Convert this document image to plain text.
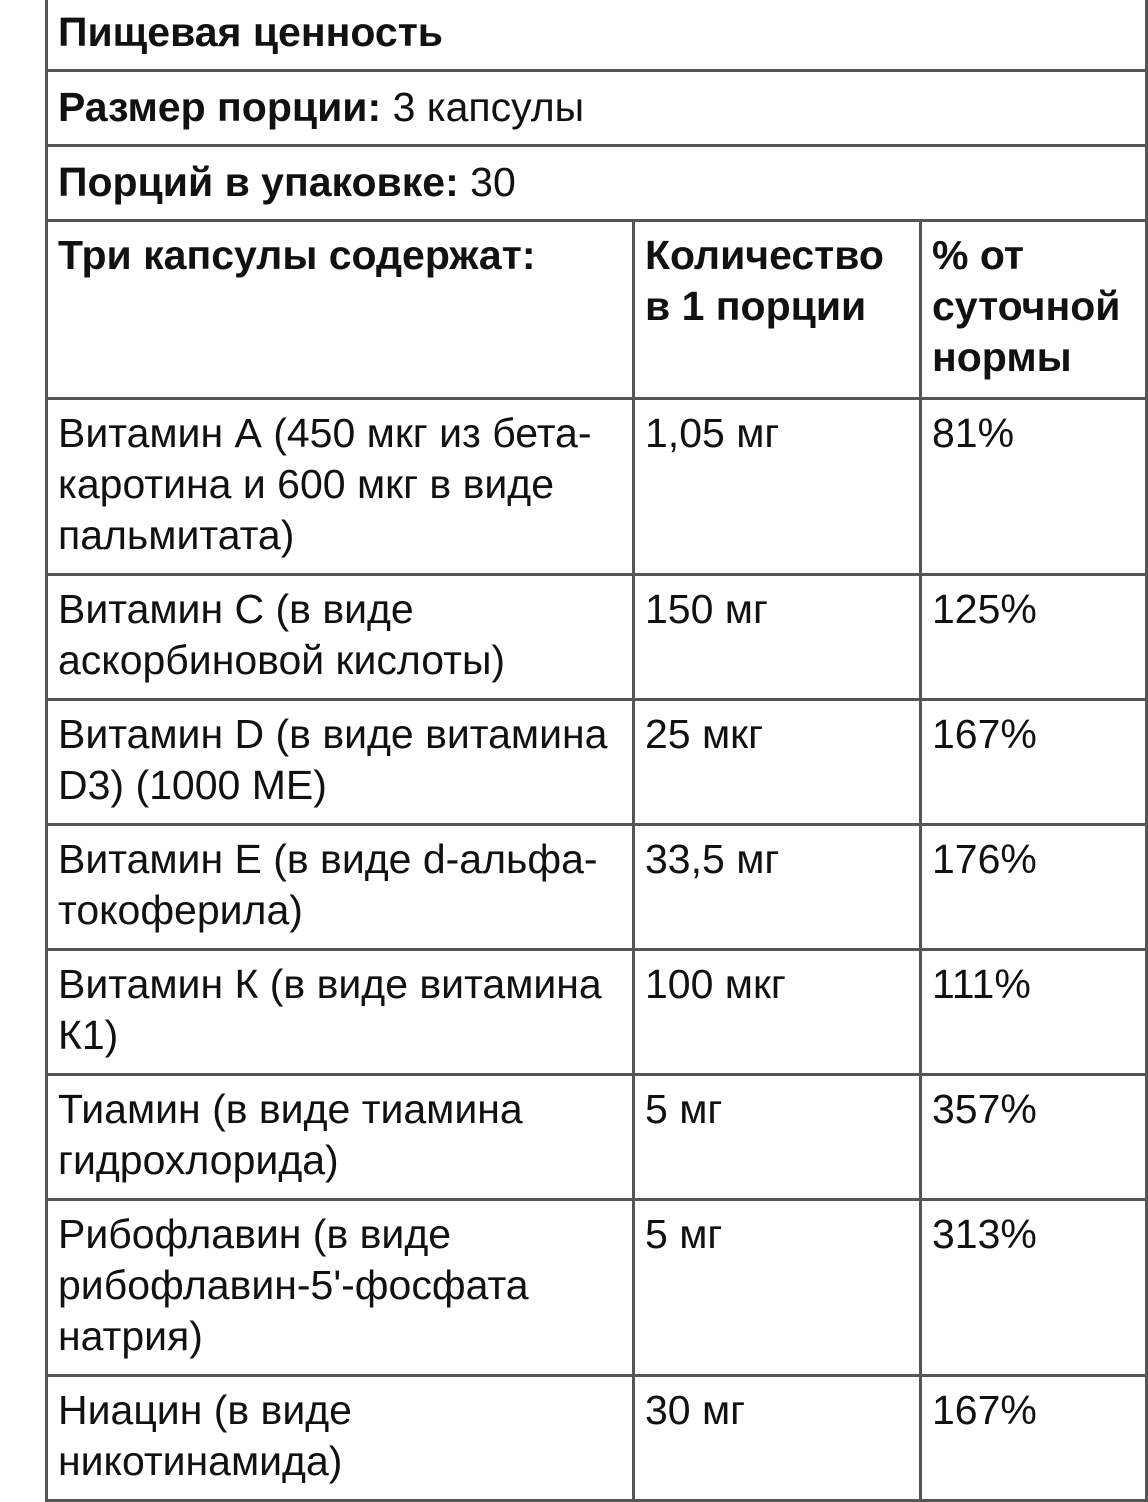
Пищевая ценность		
Размер порции: 3 капсулы		
Порций в упаковке: 30		
Три капсулы содержат:	Количество в 1 порции	% от суточной нормы
Витамин А (450 мкг из бета-каротина и 600 мкг в виде пальмитата)	1,05 мг	81%
Витамин С (в виде аскорбиновой кислоты)	150 мг	125%
Витамин D (в виде витамина D3) (1000 МЕ)	25 мкг	167%
Витамин Е (в виде d-альфа-токоферила)	33,5 мг	176%
Витамин К (в виде витамина К1)	100 мкг	111%
Тиамин (в виде тиамина гидрохлорида)	5 мг	357%
Рибофлавин (в виде рибофлавин-5'-фосфата натрия)	5 мг	313%
Ниацин (в виде никотинамида)	30 мг	167%
